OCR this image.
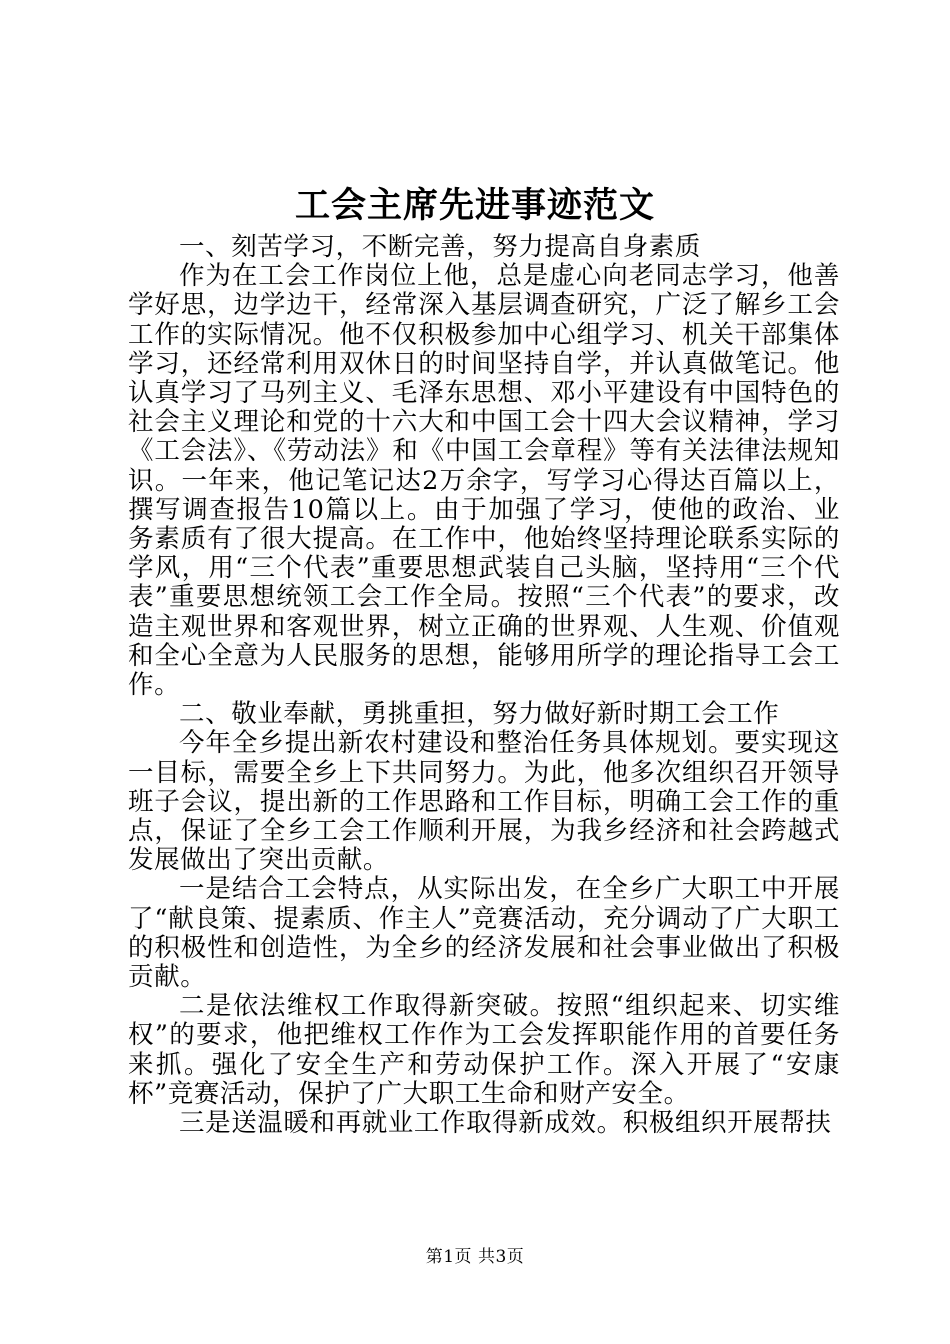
工会主席先进事迹范文

一、刻苦学习，不断完善，努力提高自身素质

作为在工会工作岗位上他，总是虚心向老同志学习，他善学好思，边学边干，经常深入基层调查研究，广泛了解乡工会工作的实际情况。他不仅积极参加中心组学习、机关干部集体学习，还经常利用双休日的时间坚持自学，并认真做笔记。他认真学习了马列主义、毛泽东思想、邓小平建设有中国特色的社会主义理论和党的十六大和中国工会十四大会议精神，学习《工会法》、《劳动法》和《中国工会章程》等有关法律法规知识。一年来，他记笔记达2万余字，写学习心得达百篇以上，撰写调查报告10篇以上。由于加强了学习，使他的政治、业务素质有了很大提高。在工作中，他始终坚持理论联系实际的学风，用“三个代表”重要思想武装自己头脑，坚持用“三个代表”重要思想统领工会工作全局。按照“三个代表”的要求，改造主观世界和客观世界，树立正确的世界观、人生观、价值观和全心全意为人民服务的思想，能够用所学的理论指导工会工作。

二、敬业奉献，勇挑重担，努力做好新时期工会工作

今年全乡提出新农村建设和整治任务具体规划。要实现这一目标，需要全乡上下共同努力。为此，他多次组织召开领导班子会议，提出新的工作思路和工作目标，明确工会工作的重点，保证了全乡工会工作顺利开展，为我乡经济和社会跨越式发展做出了突出贡献。

一是结合工会特点，从实际出发，在全乡广大职工中开展了“献良策、提素质、作主人”竞赛活动，充分调动了广大职工的积极性和创造性，为全乡的经济发展和社会事业做出了积极贡献。

二是依法维权工作取得新突破。按照“组织起来、切实维权”的要求，他把维权工作作为工会发挥职能作用的首要任务来抓。强化了安全生产和劳动保护工作。深入开展了“安康杯”竞赛活动，保护了广大职工生命和财产安全。

三是送温暖和再就业工作取得新成效。积极组织开展帮扶

第1页 共3页
